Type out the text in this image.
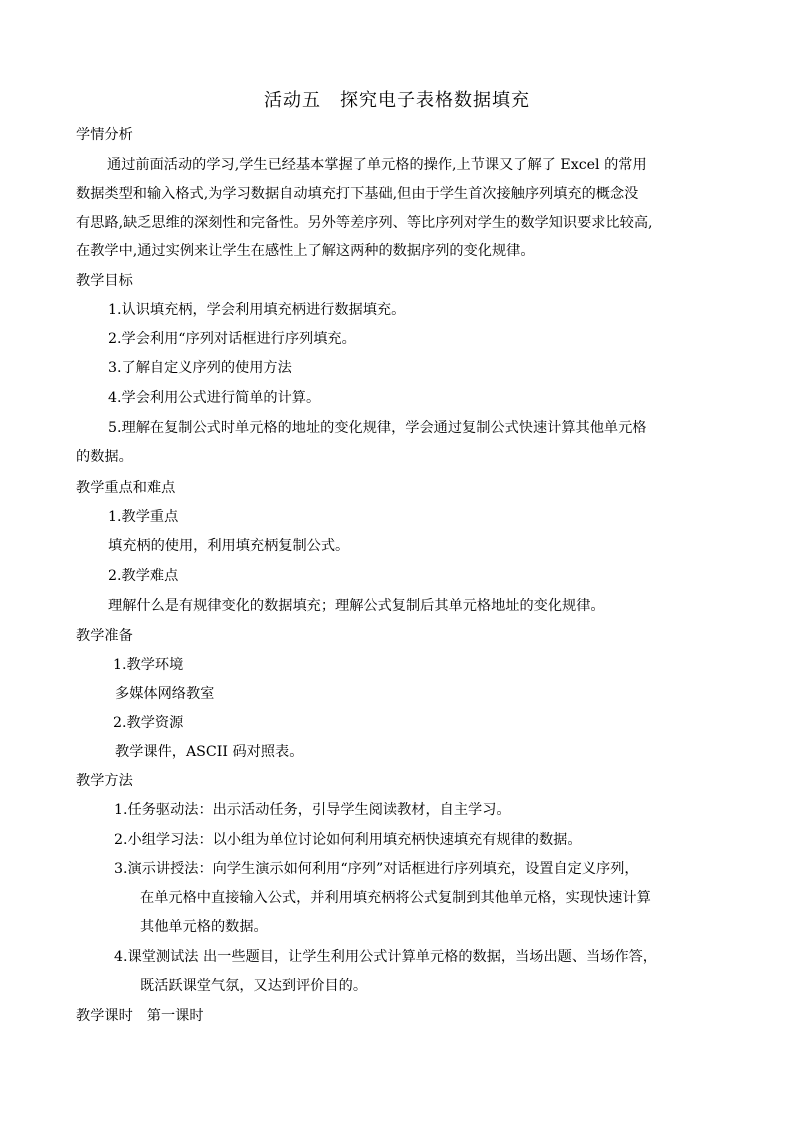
活动五　探究电子表格数据填充
学情分析
通过前面活动的学习,学生已经基本掌握了单元格的操作,上节课又了解了 Excel 的常用
数据类型和输入格式,为学习数据自动填充打下基础,但由于学生首次接触序列填充的概念没
有思路,缺乏思维的深刻性和完备性。另外等差序列、等比序列对学生的数学知识要求比较高,
在教学中,通过实例来让学生在感性上了解这两种的数据序列的变化规律。
教学目标
1.认识填充柄，学会利用填充柄进行数据填充。
2.学会利用“序列对话框进行序列填充。
3.了解自定义序列的使用方法
4.学会利用公式进行简单的计算。
5.理解在复制公式时单元格的地址的变化规律，学会通过复制公式快速计算其他单元格
的数据。
教学重点和难点
1.教学重点
填充柄的使用，利用填充柄复制公式。
2.教学难点
理解什么是有规律变化的数据填充；理解公式复制后其单元格地址的变化规律。
教学准备
1.教学环境
多媒体网络教室
2.教学资源
教学课件，ASCII 码对照表。
教学方法
1.任务驱动法：出示活动任务，引导学生阅读教材，自主学习。
2.小组学习法：以小组为单位讨论如何利用填充柄快速填充有规律的数据。
3.演示讲授法：向学生演示如何利用“序列”对话框进行序列填充，设置自定义序列，
在单元格中直接输入公式，并利用填充柄将公式复制到其他单元格，实现快速计算
其他单元格的数据。
4.课堂测试法 出一些题目，让学生利用公式计算单元格的数据，当场出题、当场作答，
既活跃课堂气氛，又达到评价目的。
教学课时 第一课时
